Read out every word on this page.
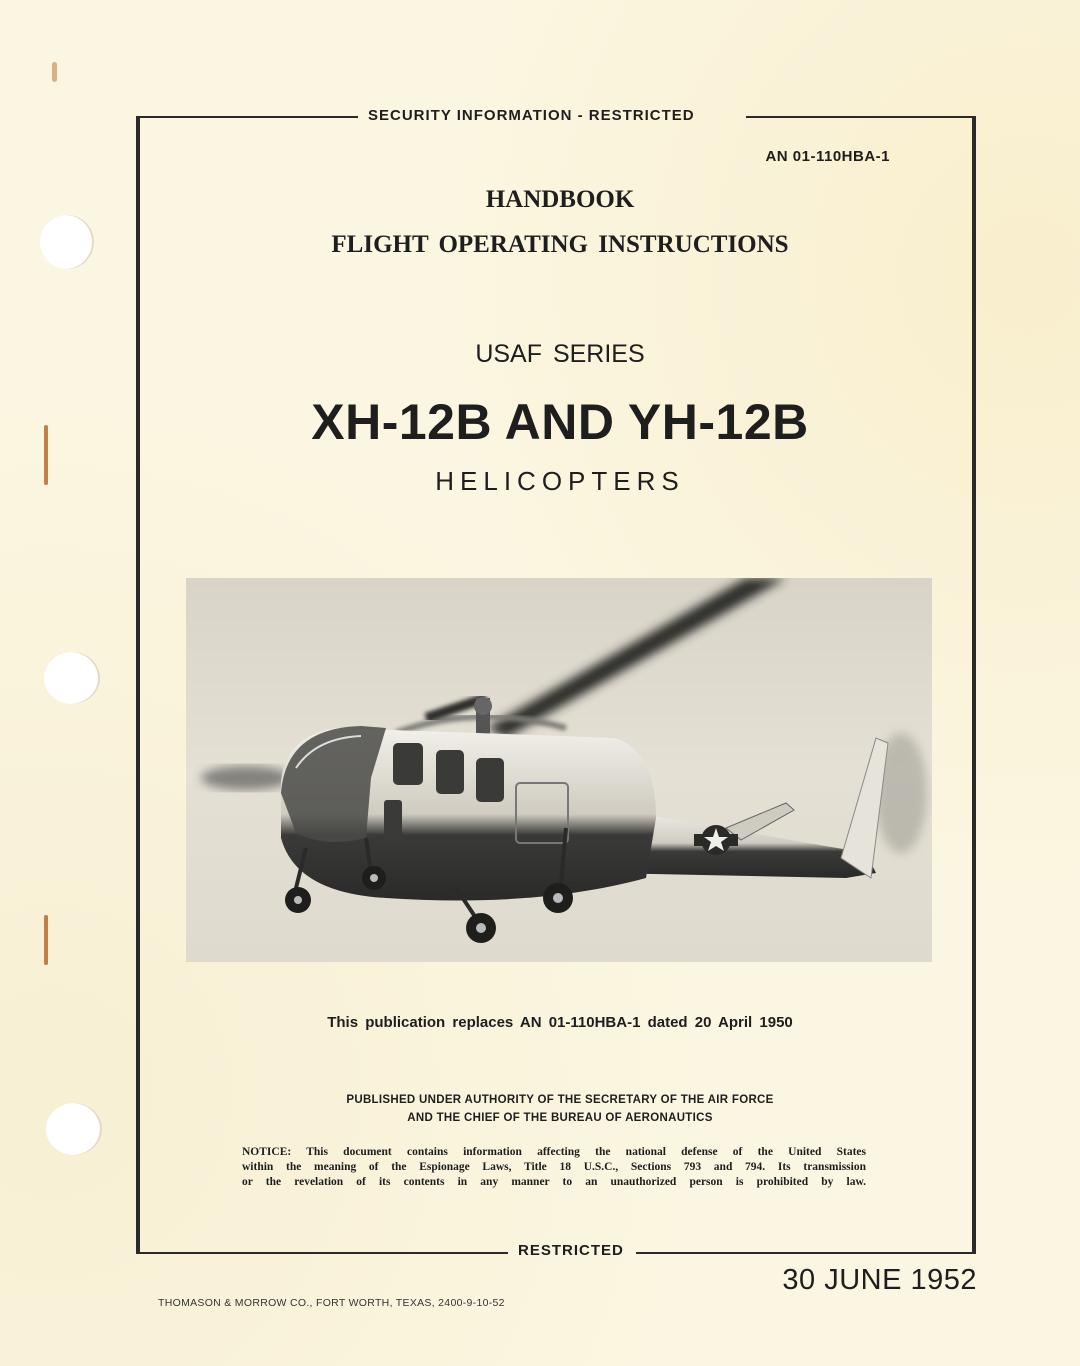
SECURITY INFORMATION - RESTRICTED
RESTRICTED
AN 01-110HBA-1
HANDBOOK
FLIGHT OPERATING INSTRUCTIONS
USAF SERIES
XH-12B AND YH-12B
HELICOPTERS
This publication replaces AN 01-110HBA-1 dated 20 April 1950
PUBLISHED UNDER AUTHORITY OF THE SECRETARY OF THE AIR FORCE
AND THE CHIEF OF THE BUREAU OF AERONAUTICS
NOTICE: This document contains information affecting the national defense of the United States
within the meaning of the Espionage Laws, Title 18 U.S.C., Sections 793 and 794. Its transmission
or the revelation of its contents in any manner to an unauthorized person is prohibited by law.
30 JUNE 1952
THOMASON & MORROW CO., FORT WORTH, TEXAS, 2400-9-10-52
